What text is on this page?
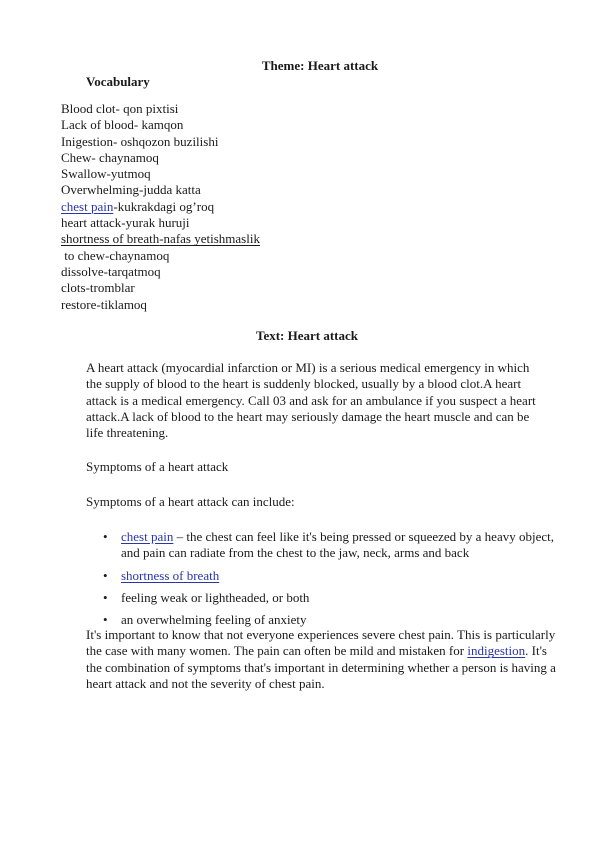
Theme: Heart attack
Vocabulary
Blood clot- qon pixtisi
Lack of blood- kamqon
Inigestion- oshqozon buzilishi
Chew- chaynamoq
Swallow-yutmoq
Overwhelming-judda katta
chest pain-kukrakdagi og’roq
heart attack-yurak huruji
shortness of breath-nafas yetishmaslik
to chew-chaynamoq
dissolve-tarqatmoq
clots-tromblar
restore-tiklamoq
Text: Heart attack
A heart attack (myocardial infarction or MI) is a serious medical emergency in which the supply of blood to the heart is suddenly blocked, usually by a blood clot.A heart attack is a medical emergency. Call 03 and ask for an ambulance if you suspect a heart attack.A lack of blood to the heart may seriously damage the heart muscle and can be life threatening.
Symptoms of a heart attack
Symptoms of a heart attack can include:
• chest pain – the chest can feel like it's being pressed or squeezed by a heavy object, and pain can radiate from the chest to the jaw, neck, arms and back
• shortness of breath
• feeling weak or lightheaded, or both
• an overwhelming feeling of anxiety
It's important to know that not everyone experiences severe chest pain. This is particularly the case with many women. The pain can often be mild and mistaken for indigestion. It's the combination of symptoms that's important in determining whether a person is having a heart attack and not the severity of chest pain.
